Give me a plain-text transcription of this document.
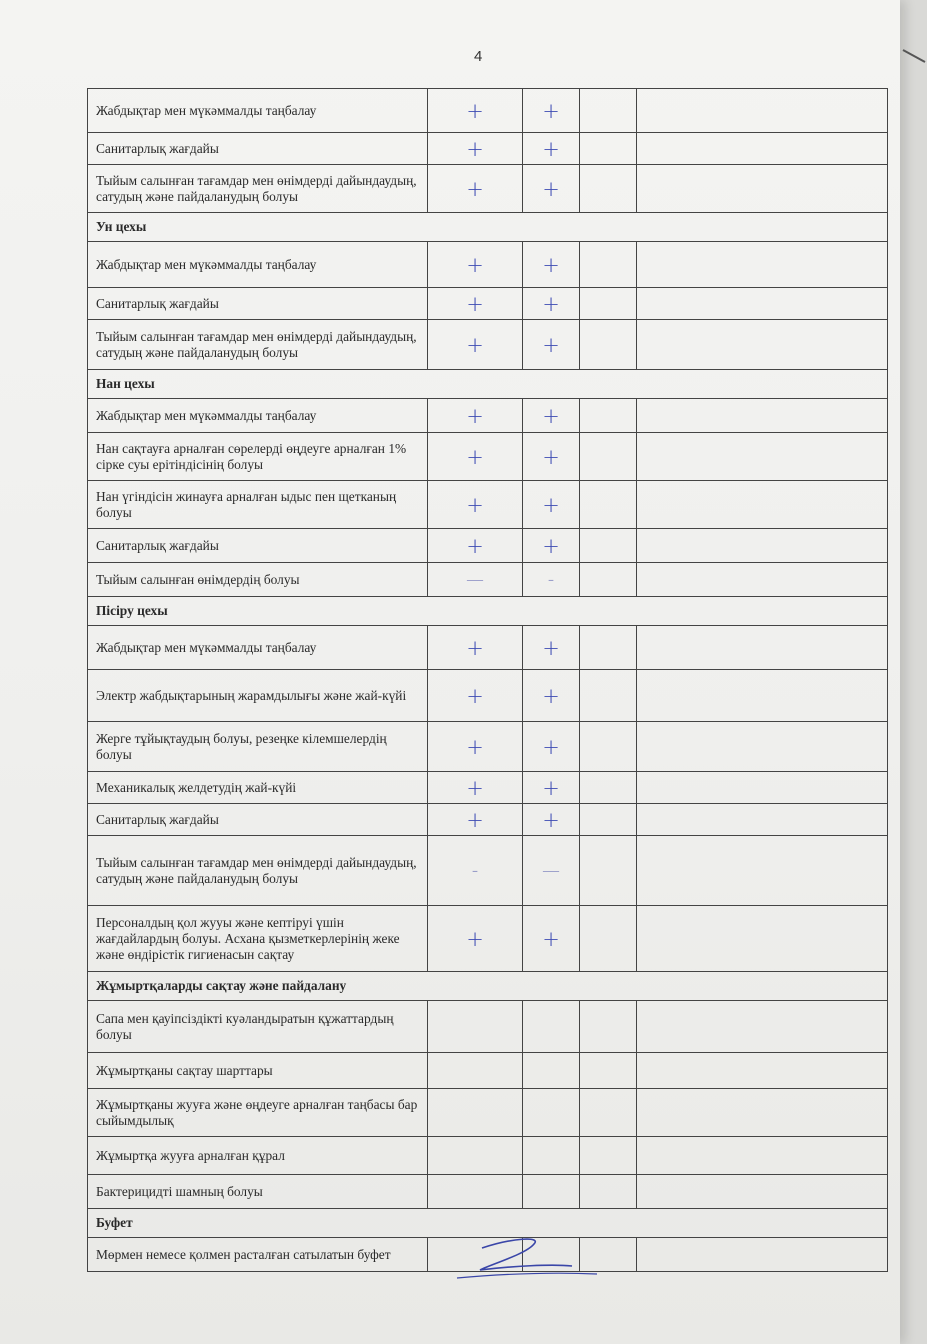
4
Жабдықтар мен мүкәммалды таңбалау	+	+		
Санитарлық жағдайы	+	+		
Тыйым салынған тағамдар мен өнімдерді дайындаудың, сатудың және пайдаланудың болуы	+	+		
Ун цехы				
Жабдықтар мен мүкәммалды таңбалау	+	+		
Санитарлық жағдайы	+	+		
Тыйым салынған тағамдар мен өнімдерді дайындаудың, сатудың және пайдаланудың болуы	+	+		
Нан цехы				
Жабдықтар мен мүкәммалды таңбалау	+	+		
Нан сақтауға арналған сөрелерді өңдеуге арналған 1% сірке суы ерітіндісінің болуы	+	+		
Нан үгіндісін жинауға арналған ыдыс пен щетканың болуы	+	+		
Санитарлық жағдайы	+	+		
Тыйым салынған өнімдердің болуы	—	-		
Пісіру цехы				
Жабдықтар мен мүкәммалды таңбалау	+	+		
Электр жабдықтарының жарамдылығы және жай-күйі	+	+		
Жерге тұйықтаудың болуы, резеңке кілемшелердің болуы	+	+		
Механикалық желдетудің жай-күйі	+	+		
Санитарлық жағдайы	+	+		
Тыйым салынған тағамдар мен өнімдерді дайындаудың, сатудың және пайдаланудың болуы	-	—		
Персоналдың қол жууы және кептіруі үшін жағдайлардың болуы. Асхана қызметкерлерінің жеке және өндірістік гигиенасын сақтау	+	+		
Жұмыртқаларды сақтау және пайдалану				
Сапа мен қауіпсіздікті куәландыратын құжаттардың болуы				
Жұмыртқаны сақтау шарттары				
Жұмыртқаны жууға және өңдеуге арналған таңбасы бар сыйымдылық				
Жұмыртқа жууға арналған құрал				
Бактерицидті шамның болуы				
Буфет				
Мөрмен немесе қолмен расталған сатылатын буфет				
